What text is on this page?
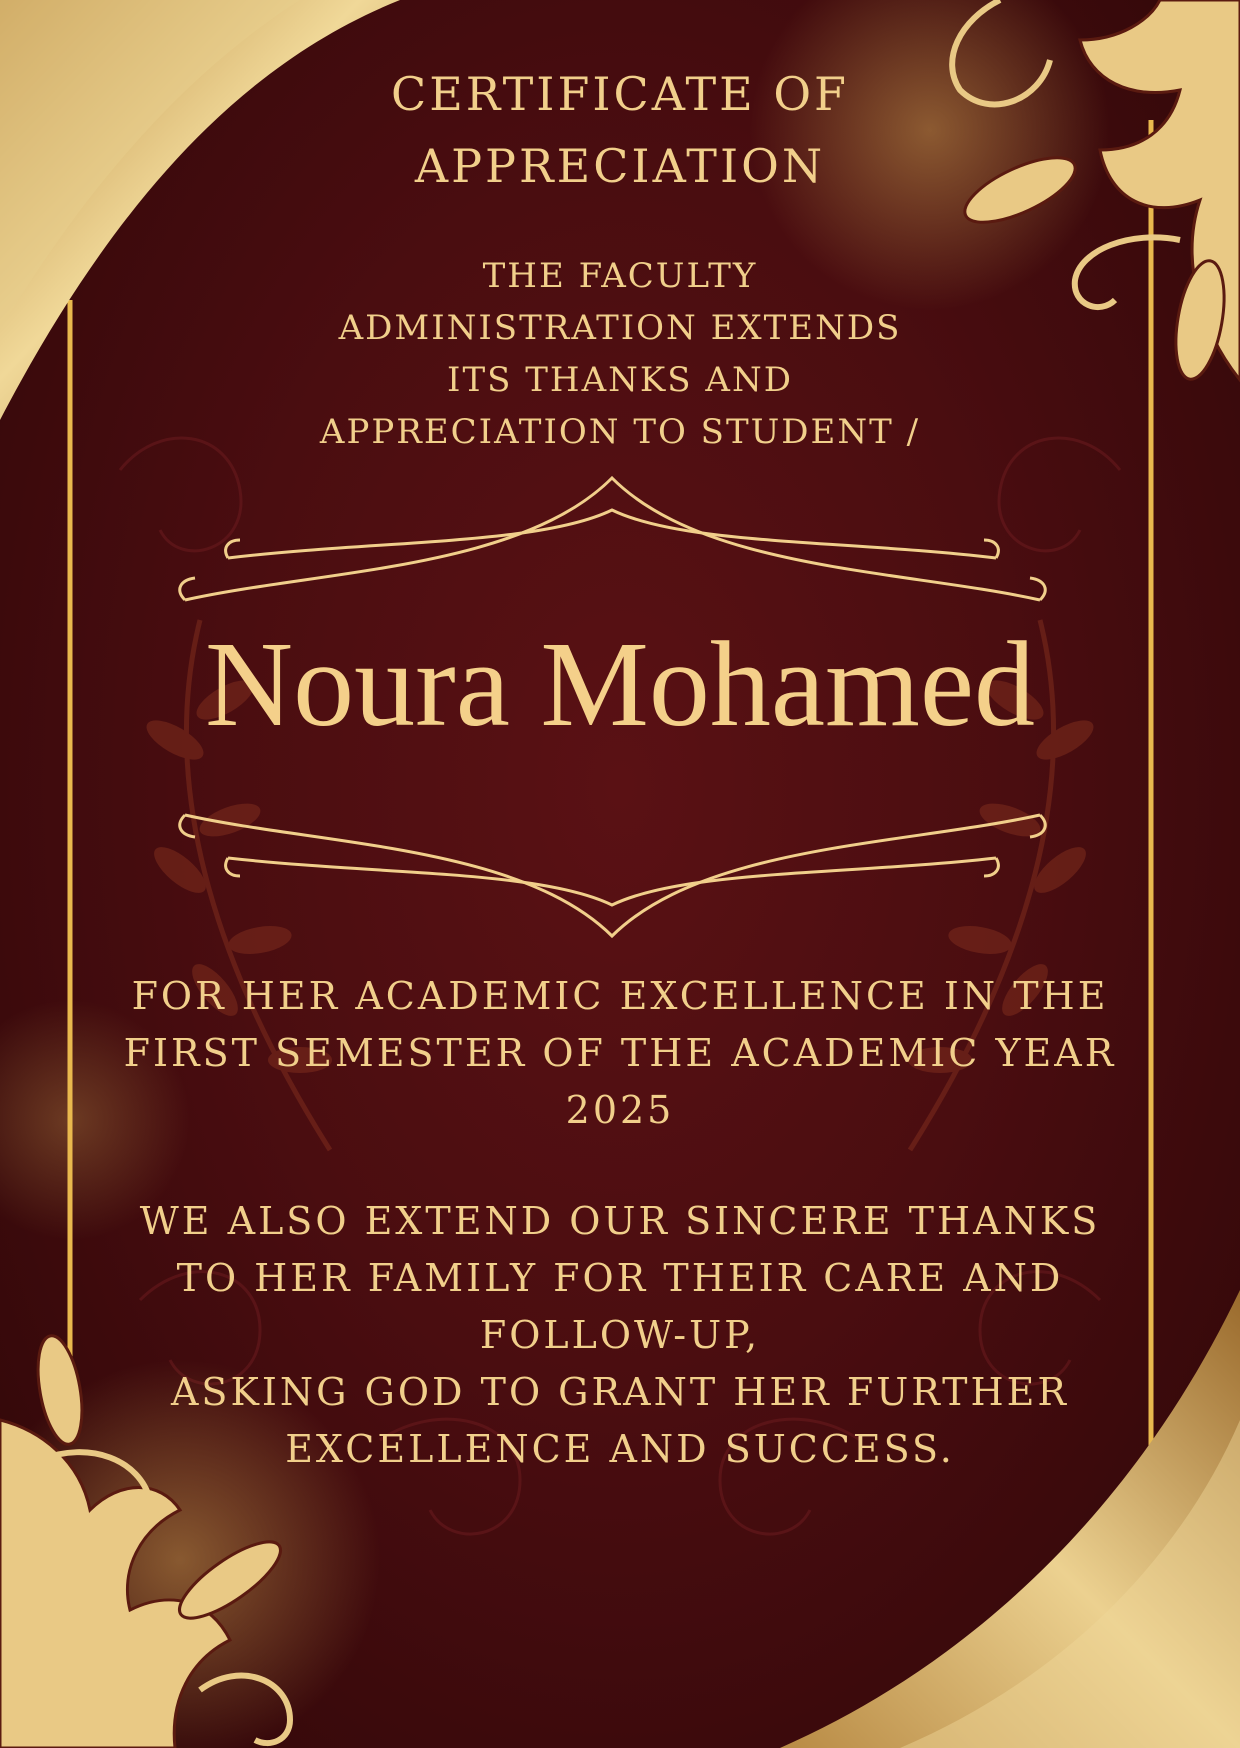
CERTIFICATE OF
APPRECIATION
THE FACULTY
ADMINISTRATION EXTENDS
ITS THANKS AND
APPRECIATION TO STUDENT /
Noura Mohamed
FOR HER ACADEMIC EXCELLENCE IN THE
FIRST SEMESTER OF THE ACADEMIC YEAR
2025
WE ALSO EXTEND OUR SINCERE THANKS
TO HER FAMILY FOR THEIR CARE AND
FOLLOW-UP,
ASKING GOD TO GRANT HER FURTHER
EXCELLENCE AND SUCCESS.
